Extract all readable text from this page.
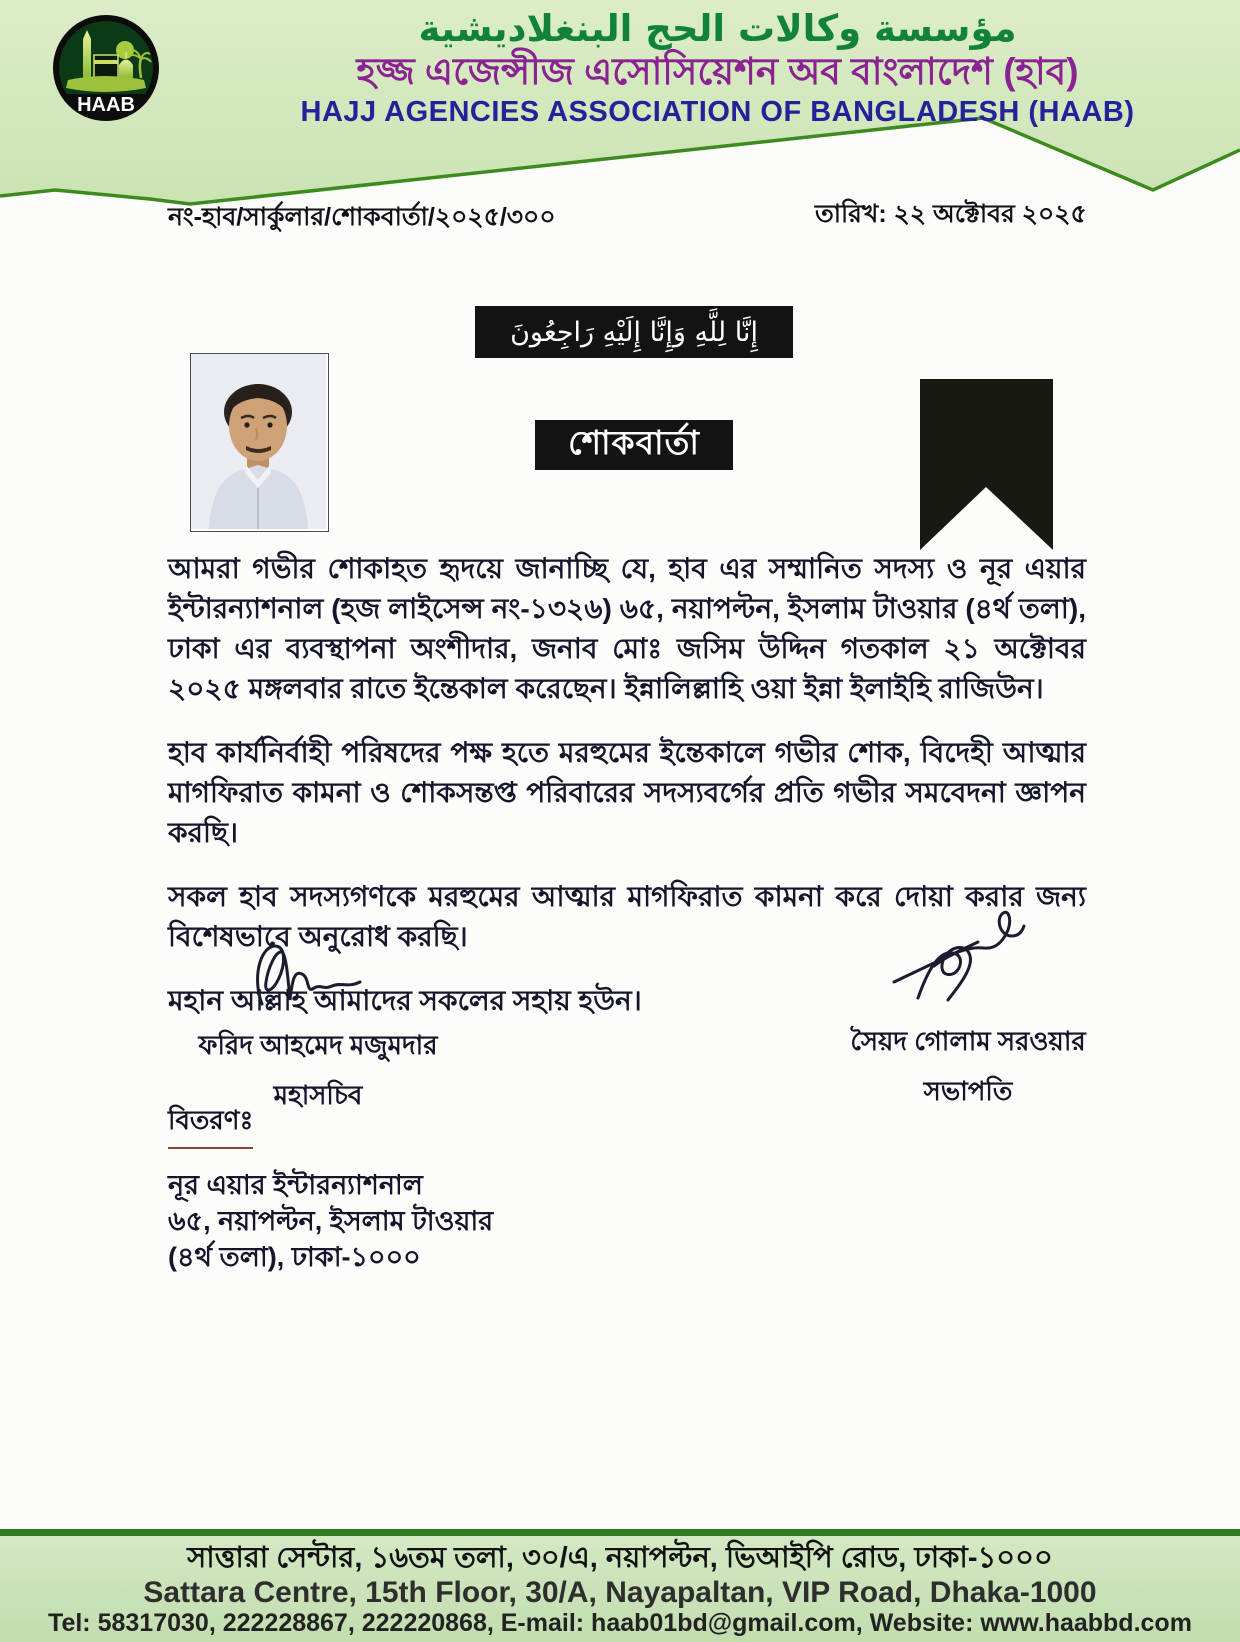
HAAB
مؤسسة وكالات الحج البنغلاديشية
হজ্জ এজেন্সীজ এসোসিয়েশন অব বাংলাদেশ (হাব)
HAJJ AGENCIES ASSOCIATION OF BANGLADESH (HAAB)
নং-হাব/সার্কুলার/শোকবার্তা/২০২৫/৩০০	তারিখ: ২২ অক্টোবর ২০২৫
إِنَّا لِلَّهِ وَإِنَّا إِلَيْهِ رَاجِعُونَ
শোকবার্তা

আমরা গভীর শোকাহত হৃদয়ে জানাচ্ছি যে, হাব এর সম্মানিত সদস্য ও নূর এয়ার ইন্টারন্যাশনাল (হজ লাইসেন্স নং-১৩২৬) ৬৫, নয়াপল্টন, ইসলাম টাওয়ার (৪র্থ তলা), ঢাকা এর ব্যবস্থাপনা অংশীদার, জনাব মোঃ জসিম উদ্দিন গতকাল ২১ অক্টোবর ২০২৫ মঙ্গলবার রাতে ইন্তেকাল করেছেন। ইন্নালিল্লাহি ওয়া ইন্না ইলাইহি রাজিউন।

হাব কার্যনির্বাহী পরিষদের পক্ষ হতে মরহুমের ইন্তেকালে গভীর শোক, বিদেহী আত্মার মাগফিরাত কামনা ও শোকসন্তপ্ত পরিবারের সদস্যবর্গের প্রতি গভীর সমবেদনা জ্ঞাপন করছি।

সকল হাব সদস্যগণকে মরহুমের আত্মার মাগফিরাত কামনা করে দোয়া করার জন্য বিশেষভাবে অনুরোধ করছি।

মহান আল্লাহ আমাদের সকলের সহায় হউন।

ফরিদ আহমেদ মজুমদার
মহাসচিব
সৈয়দ গোলাম সরওয়ার
সভাপতি
বিতরণঃ
নূর এয়ার ইন্টারন্যাশনাল
৬৫, নয়াপল্টন, ইসলাম টাওয়ার
(৪র্থ তলা), ঢাকা-১০০০
সাত্তারা সেন্টার, ১৬তম তলা, ৩০/এ, নয়াপল্টন, ভিআইপি রোড, ঢাকা-১০০০
Sattara Centre, 15th Floor, 30/A, Nayapaltan, VIP Road, Dhaka-1000
Tel: 58317030, 222228867, 222220868, E-mail: haab01bd@gmail.com, Website: www.haabbd.com
